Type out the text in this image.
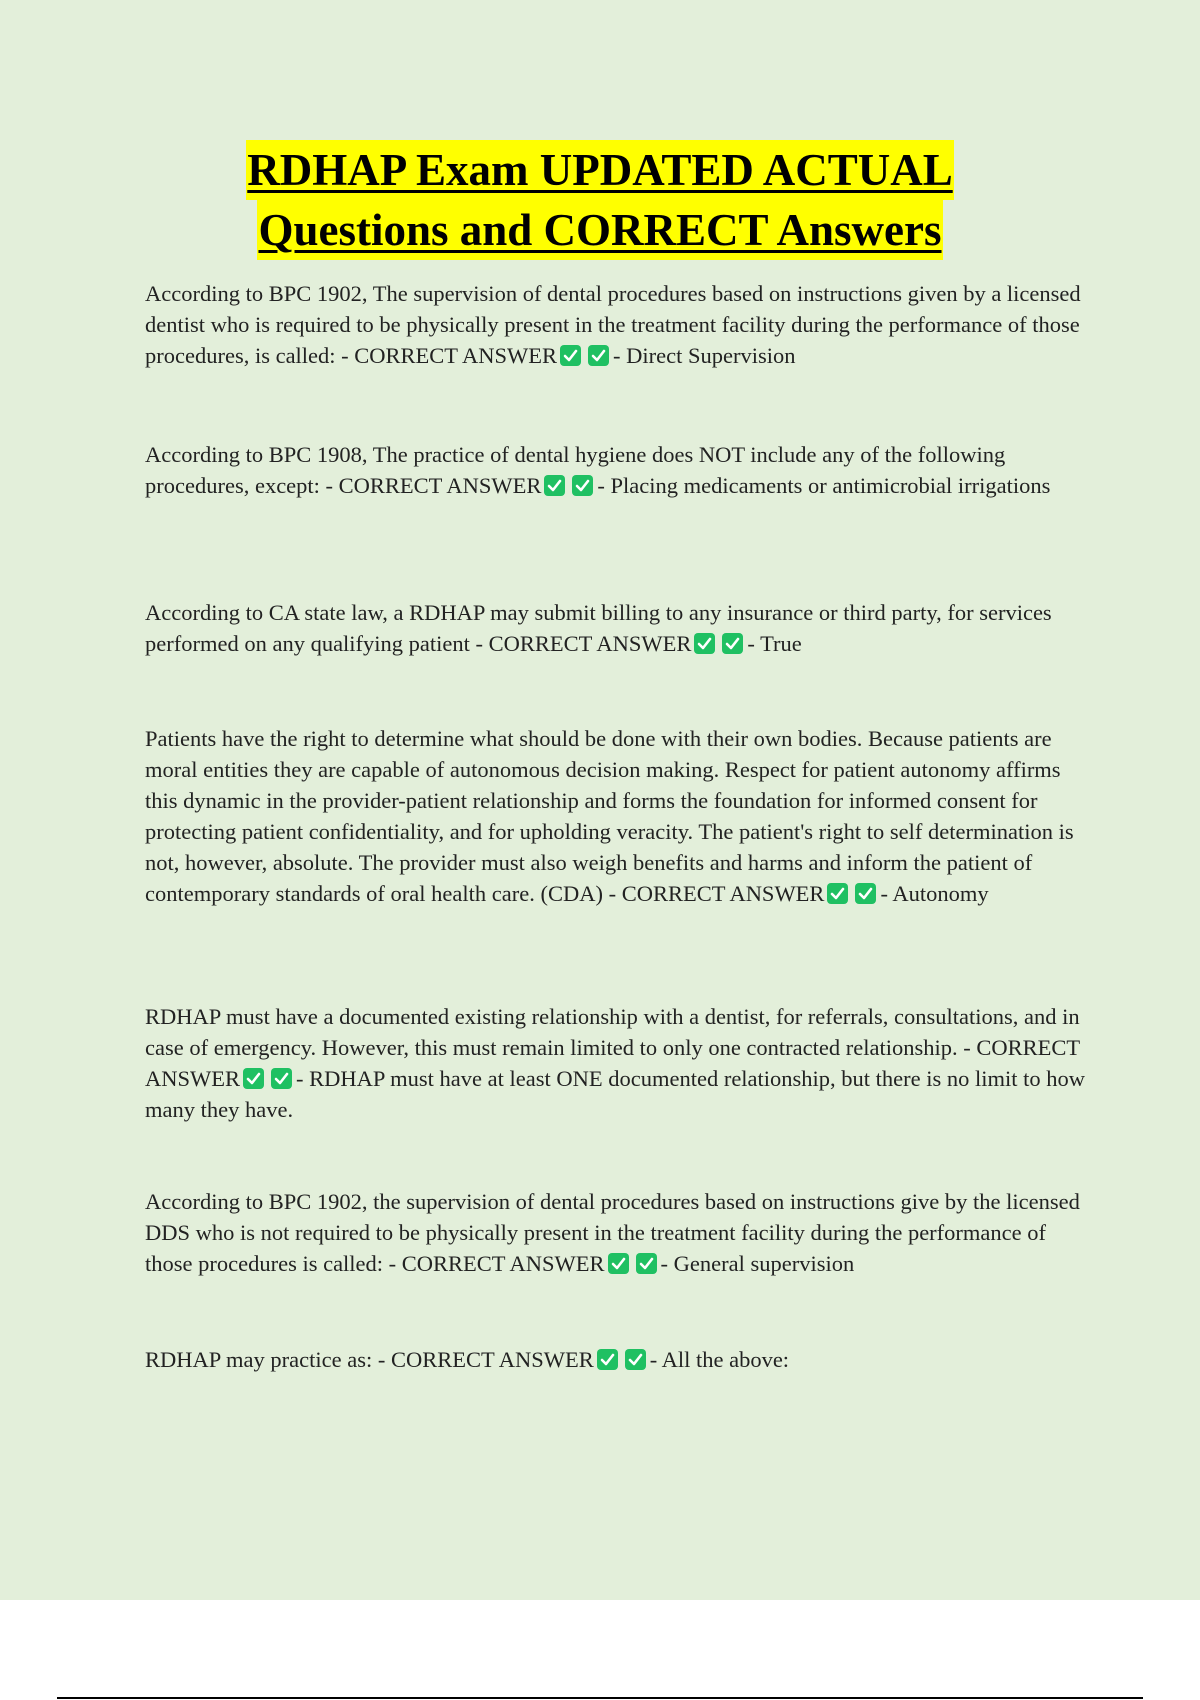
RDHAP Exam UPDATED ACTUAL
Questions and CORRECT Answers

According to BPC 1902, The supervision of dental procedures based on instructions given by a licensed dentist who is required to be physically present in the treatment facility during the performance of those procedures, is called: - CORRECT ANSWER - Direct Supervision

According to BPC 1908, The practice of dental hygiene does NOT include any of the following procedures, except: - CORRECT ANSWER - Placing medicaments or antimicrobial irrigations

According to CA state law, a RDHAP may submit billing to any insurance or third party, for services performed on any qualifying patient - CORRECT ANSWER - True

Patients have the right to determine what should be done with their own bodies. Because patients are moral entities they are capable of autonomous decision making. Respect for patient autonomy affirms this dynamic in the provider-patient relationship and forms the foundation for informed consent for protecting patient confidentiality, and for upholding veracity. The patient's right to self determination is not, however, absolute. The provider must also weigh benefits and harms and inform the patient of contemporary standards of oral health care. (CDA) - CORRECT ANSWER - Autonomy

RDHAP must have a documented existing relationship with a dentist, for referrals, consultations, and in case of emergency. However, this must remain limited to only one contracted relationship. - CORRECT ANSWER - RDHAP must have at least ONE documented relationship, but there is no limit to how many they have.

According to BPC 1902, the supervision of dental procedures based on instructions give by the licensed DDS who is not required to be physically present in the treatment facility during the performance of those procedures is called: - CORRECT ANSWER - General supervision

RDHAP may practice as: - CORRECT ANSWER - All the above:
